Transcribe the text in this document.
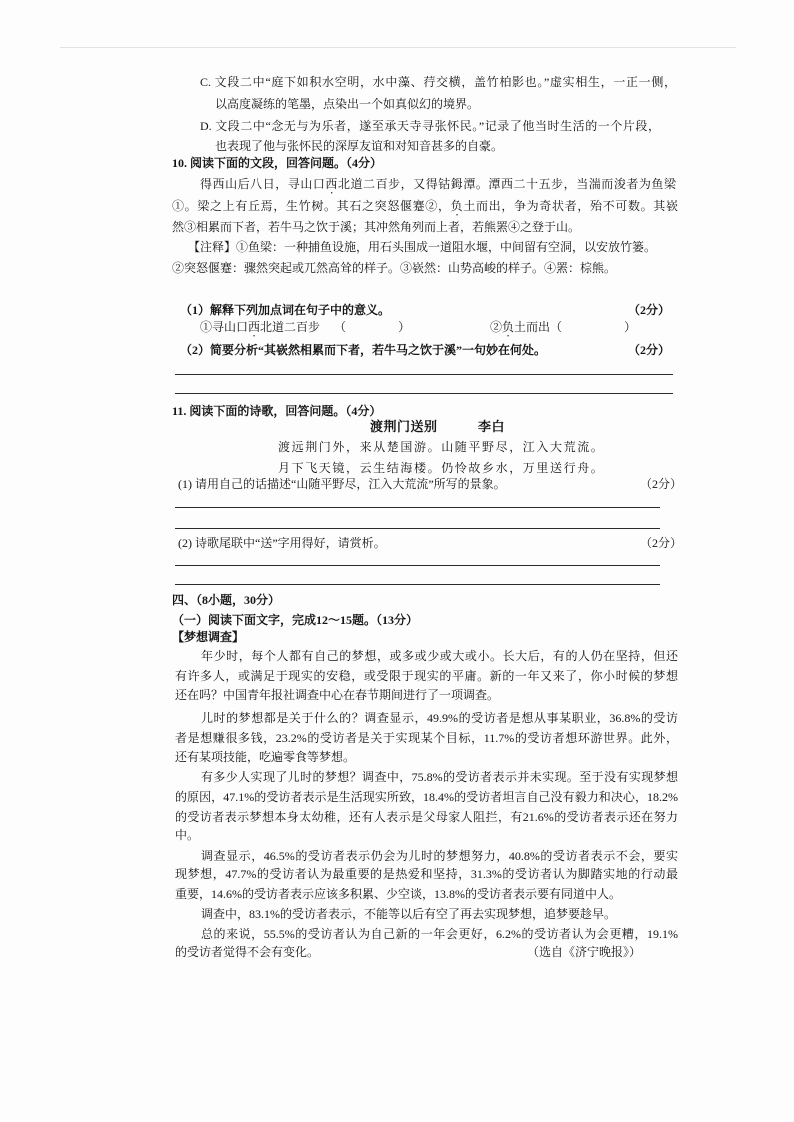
C. 文段二中“庭下如积水空明，水中藻、荇交横，盖竹柏影也。”虚实相生，一正一侧，
以高度凝练的笔墨，点染出一个如真似幻的境界。
D. 文段二中“念无与为乐者，遂至承天寺寻张怀民。”记录了他当时生活的一个片段，
也表现了他与张怀民的深厚友谊和对知音甚多的自豪。
10. 阅读下面的文段，回答问题。（4分）
得西山后八日，寻山口西北道二百步，又得钴鉧潭。潭西二十五步，当湍而浚者为鱼梁
①。梁之上有丘焉，生竹树。其石之突怒偃蹇②，负土而出，争为奇状者，殆不可数。其嵚
然③相累而下者，若牛马之饮于溪；其冲然角列而上者，若熊罴④之登于山。
【注释】①鱼梁：一种捕鱼设施，用石头围成一道阻水堰，中间留有空洞，以安放竹篓。
②突怒偃蹇：骤然突起或兀然高耸的样子。③嵚然：山势高峻的样子。④罴：棕熊。
（1）解释下列加点词在句子中的意义。	（2分）
①寻山口西北道二百步 （	）	②负土而出（	）
（2）简要分析“其嵚然相累而下者，若牛马之饮于溪”一句妙在何处。	（2分）
11. 阅读下面的诗歌，回答问题。（4分）
渡荆门送别	李白
渡远荆门外，来从楚国游。山随平野尽，江入大荒流。
月下飞天镜，云生结海楼。仍怜故乡水，万里送行舟。
(1) 请用自己的话描述“山随平野尽，江入大荒流”所写的景象。	（2分）
(2) 诗歌尾联中“送”字用得好，请赏析。	（2分）
四、（8小题，30分）
（一）阅读下面文字，完成12～15题。（13分）
【梦想调查】
年少时，每个人都有自己的梦想，或多或少或大或小。长大后，有的人仍在坚持，但还
有许多人，或满足于现实的安稳，或受限于现实的平庸。新的一年又来了，你小时候的梦想
还在吗？中国青年报社调查中心在春节期间进行了一项调查。
儿时的梦想都是关于什么的？调查显示，49.9%的受访者是想从事某职业，36.8%的受访
者是想赚很多钱，23.2%的受访者是关于实现某个目标，11.7%的受访者想环游世界。此外，
还有某项技能，吃遍零食等梦想。
有多少人实现了儿时的梦想？调查中，75.8%的受访者表示并未实现。至于没有实现梦想
的原因，47.1%的受访者表示是生活现实所致，18.4%的受访者坦言自己没有毅力和决心，18.2%
的受访者表示梦想本身太幼稚，还有人表示是父母家人阻拦，有21.6%的受访者表示还在努力
中。
调查显示，46.5%的受访者表示仍会为儿时的梦想努力，40.8%的受访者表示不会，要实
现梦想，47.7%的受访者认为最重要的是热爱和坚持，31.3%的受访者认为脚踏实地的行动最
重要，14.6%的受访者表示应该多积累、少空谈，13.8%的受访者表示要有同道中人。
调查中，83.1%的受访者表示，不能等以后有空了再去实现梦想，追梦要趁早。
总的来说，55.5%的受访者认为自己新的一年会更好，6.2%的受访者认为会更糟，19.1%
的受访者觉得不会有变化。	（选自《济宁晚报》）
